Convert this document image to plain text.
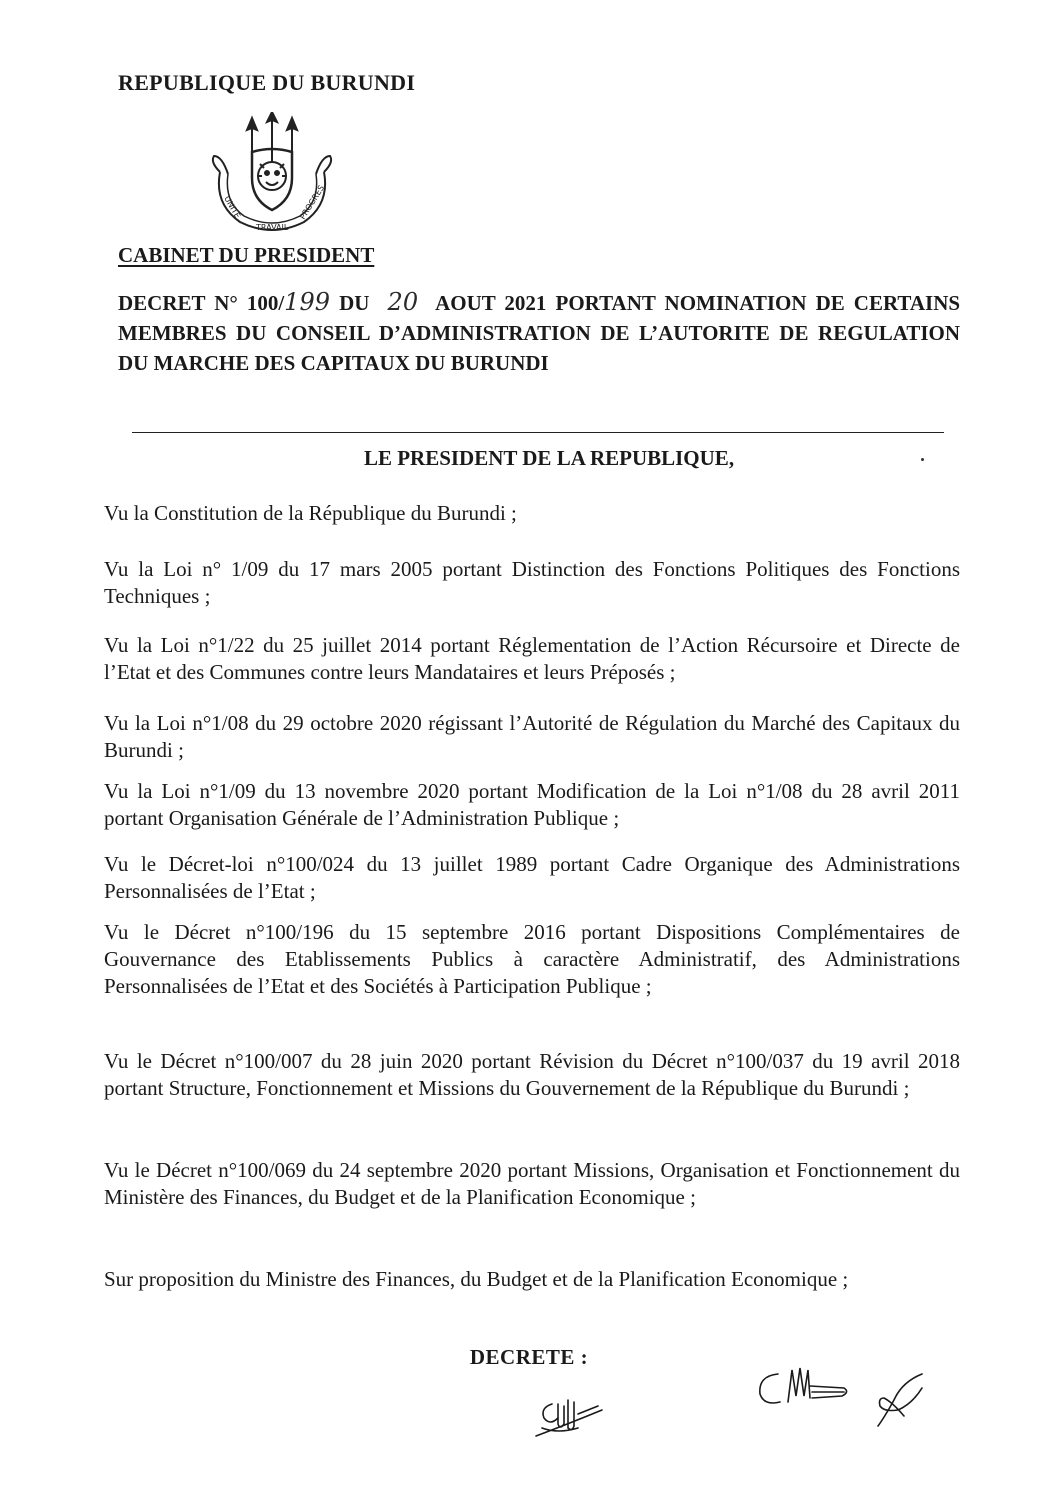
REPUBLIQUE DU BURUNDI
UNITE
TRAVAIL
PROGRES
CABINET DU PRESIDENT
DECRET N° 100/199 DU 20 AOUT 2021 PORTANT NOMINATION DE CERTAINS MEMBRES DU CONSEIL D’ADMINISTRATION DE L’AUTORITE DE REGULATION DU MARCHE DES CAPITAUX DU BURUNDI
LE PRESIDENT DE LA REPUBLIQUE,

Vu la Constitution de la République du Burundi ;

Vu la Loi n° 1/09 du 17 mars 2005 portant Distinction des Fonctions Politiques des Fonctions Techniques ;

Vu la Loi n°1/22 du 25 juillet 2014 portant Réglementation de l’Action Récursoire et Directe de l’Etat et des Communes contre leurs Mandataires et leurs Préposés ;

Vu la Loi n°1/08 du 29 octobre 2020 régissant l’Autorité de Régulation du Marché des Capitaux du Burundi ;

Vu la Loi n°1/09 du 13 novembre 2020 portant Modification de la Loi n°1/08 du 28 avril 2011 portant Organisation Générale de l’Administration Publique ;

Vu le Décret-loi n°100/024 du 13 juillet 1989 portant Cadre Organique des Administrations Personnalisées de l’Etat ;

Vu le Décret n°100/196 du 15 septembre 2016 portant Dispositions Complémentaires de Gouvernance des Etablissements Publics à caractère Administratif, des Administrations Personnalisées de l’Etat et des Sociétés à Participation Publique ;

Vu le Décret n°100/007 du 28 juin 2020 portant Révision du Décret n°100/037 du 19 avril 2018 portant Structure, Fonctionnement et Missions du Gouvernement de la République du Burundi ;

Vu le Décret n°100/069 du 24 septembre 2020 portant Missions, Organisation et Fonctionnement du Ministère des Finances, du Budget et de la Planification Economique ;

Sur proposition du Ministre des Finances, du Budget et de la Planification Economique ;

DECRETE :
